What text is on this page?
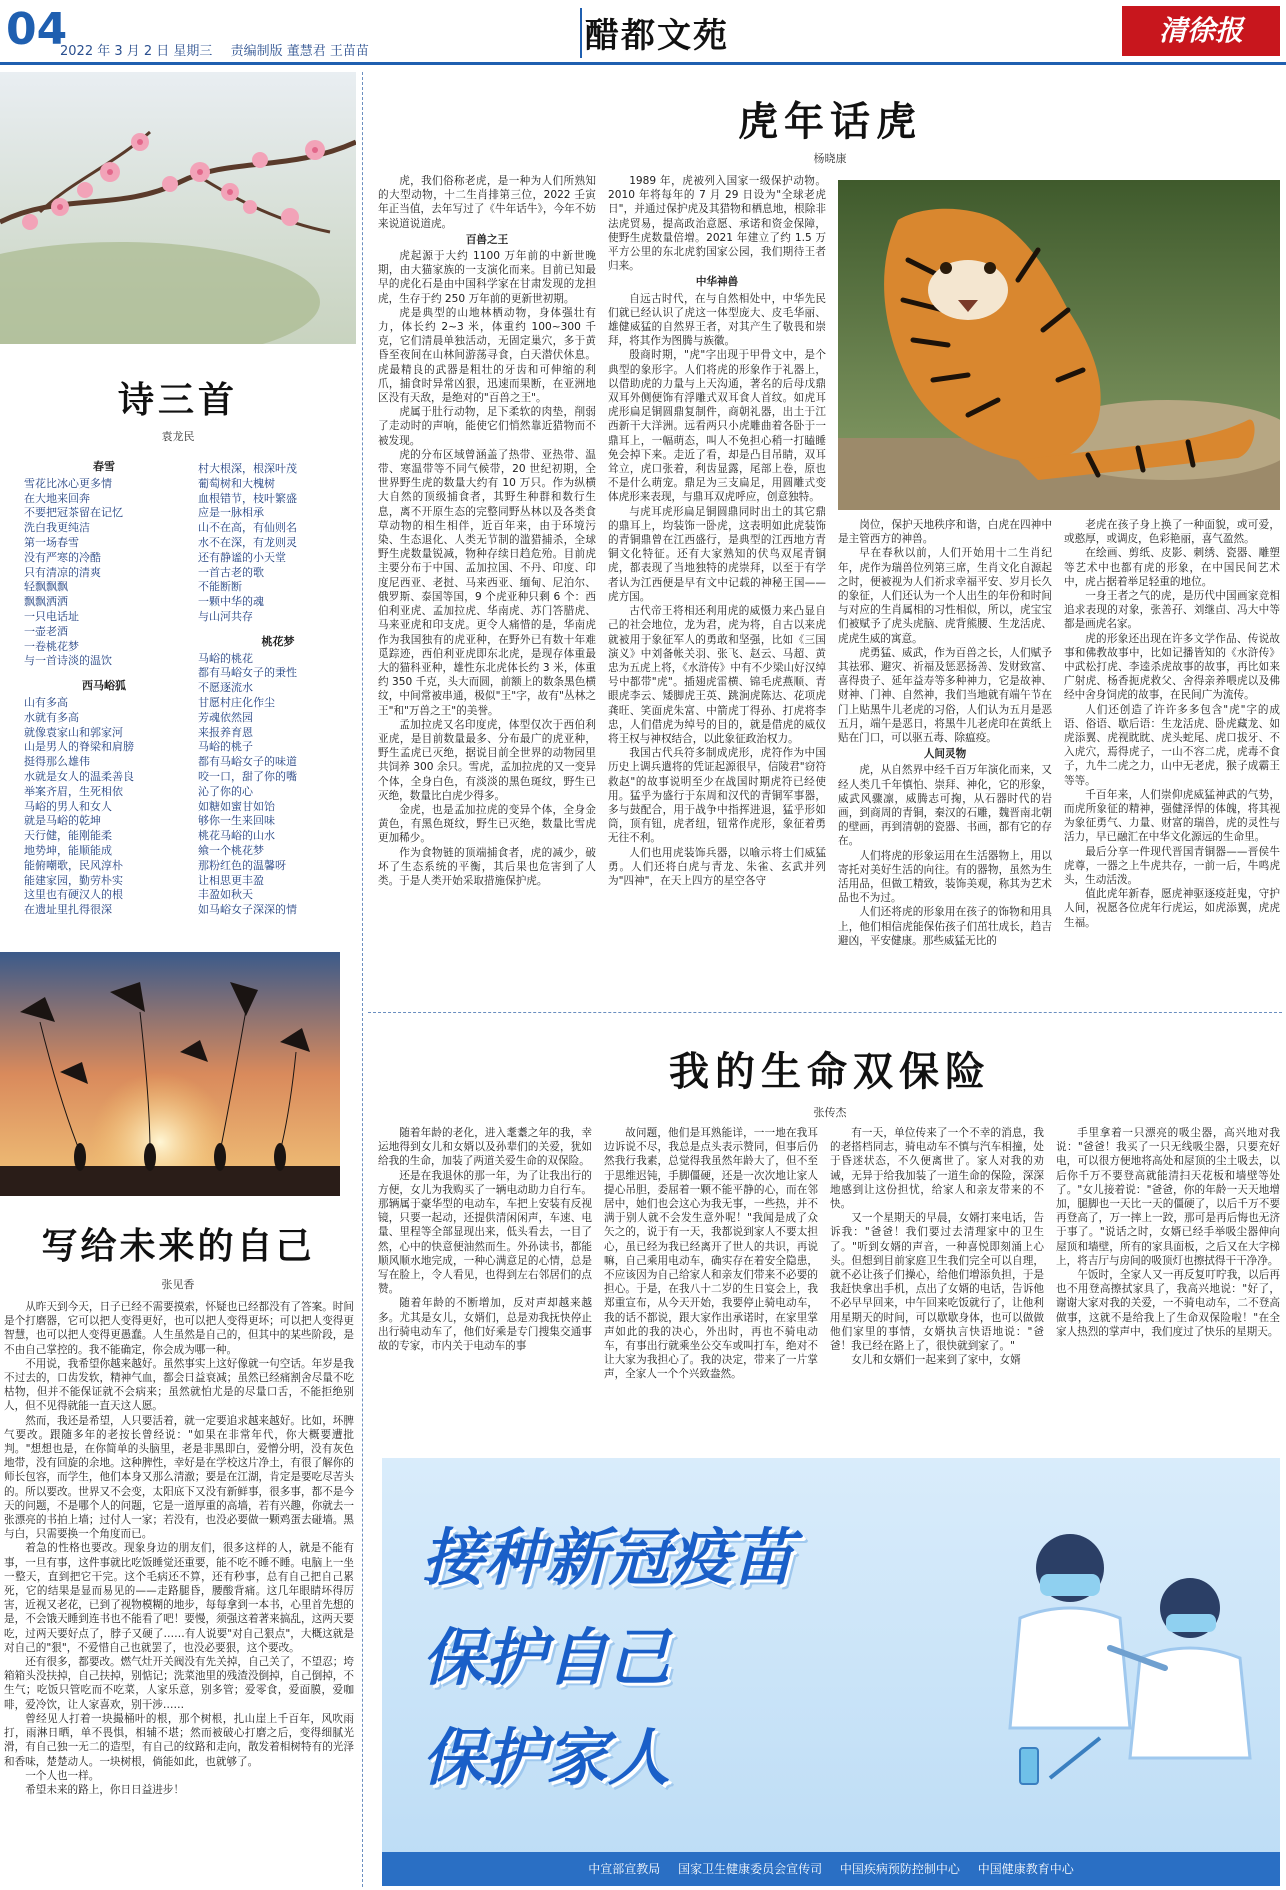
04
2022 年 3 月 2 日 星期三 责编制版 董慧君 王苗苗	醋都文苑	清徐报
诗三首
袁龙民
春雪
雪花比冰心更多情
在大地来回奔
不要把冠茶留在记忆
洗白我更纯洁
第一场春雪
没有严寒的冷酷
只有清凉的清爽
轻飘飘飘
飘飘洒洒
一只电话址
一壶老酒
一卷桃花梦
与一首诗淡的温饮
西马峪狐
山有多高
水就有多高
就像袁家山和郭家河
山是男人的脊梁和肩膀
挺得那么雄伟
水就是女人的温柔善良
举案齐眉，生死相依
马峪的男人和女人
就是马峪的乾坤
天行健，能刚能柔
地势坤，能顺能成
能俯嘲歌，民风淳朴
能建家园，勤劳朴实
这里也有硬汉人的根
在遗址里扎得很深
村大根深，根深叶茂
葡萄树和大槐树
血根错节，枝叶繁盛
应是一脉相承
山不在高，有仙则名
水不在深，有龙则灵
还有静谧的小天堂
一首古老的歌
不能断断
一颗中华的魂
与山河共存
桃花梦
马峪的桃花
都有马峪女子的秉性
不愿逐流水
甘愿村庄化作尘
芳魂依然园
来报养育恩
马峪的桃子
都有马峪女子的味道
咬一口，甜了你的嘴
沁了你的心
如糖如蜜甘如饴
够你一生来回味
桃花马峪的山水
飨一个桃花梦
那粉红色的温馨呀
让相思更丰盈
丰盈如秋天
如马峪女子深深的情
写给未来的自己
张见香

从昨天到今天，日子已经不需要摸索，怀疑也已经都没有了答案。时间是个打磨器，它可以把人变得更好，也可以把人变得更坏；可以把人变得更智慧，也可以把人变得更愚蠢。人生虽然是自己的，但其中的某些阶段，是不由自己掌控的。我不能确定，你会成为哪一种。

不用说，我希望你越来越好。虽然事实上这好像就一句空话。年岁是我不过去的，口齿发软，精神气血，都会日益衰减；虽然已经痛割舍尽量不吃枯物，但并不能保证就不会病来；虽然就怕尤是的尽量口舌，不能拒绝别人，但不见得就能一直天这人愿。

然而，我还是希望，人只要活着，就一定要追求越来越好。比如，坏脾气要改。跟随多年的老按长曾经说："如果在非常年代，你大概要遭批判。"想想也是，在你简单的头脑里，老是非黑即白，爱憎分明，没有灰色地带，没有回旋的余地。这种脾性，幸好是在学校这片净土，有很了解你的师长包容，而学生，他们本身又那么清澈；要是在江湖，肯定是要吃尽苦头的。所以要改。世界又不会变，太阳底下又没有新鲜事，很多事，都不是今天的问题，不是哪个人的问题，它是一道厚重的高墙，若有兴趣，你就去一张漂亮的书拍上墙；过付人一家；若没有，也没必要做一颗鸡蛋去碰墙。黑与白，只需要换一个角度而已。

着急的性格也要改。现象身边的朋友们，很多这样的人，就是不能有事，一旦有事，这件事就比吃饭睡觉还重要，能不吃不睡不睡。电脑上一坐一整天，直到把它干完。这个毛病还不算，还有秒事，总有自己把自己累死，它的结果是显而易见的——走路腿昏，腰酸背痛。这几年眼睛坏得厉害，近视又老花，已到了视物模糊的地步，每每拿到一本书，心里首先想的是，不会饿天睡到连书也不能看了吧！要慢，须强这着著来搞乱，这两天要吃，过两天要好点了，脖子又硬了……有人说要"对自己狠点"，大概这就是对自己的"狠"，不爱惜自己也就罢了，也没必要狠，这个要改。

还有很多，都要改。燃气灶开关阀没有先关掉，自己关了，不望忍；垮箱箱头没扶掉，自己扶掉，别惦记；洗菜池里的残渣没倒掉，自己倒掉，不生气；吃饭只管吃而不吃菜，人家乐意，别多管；爱零食，爱面膜，爱咖啡，爱冷饮，让人家喜欢，别干涉……

曾经见人打着一块撮桶叶的根，那个树根，扎山崖上千百年，风吹雨打，雨淋日晒，单不畏惧，相辅不堪；然而被破心打磨之后，变得细腻光滑，有自己独一无二的造型，有自己的纹路和走向，散发着相树特有的光泽和香味，楚楚动人。一块树根，倘能如此，也就够了。

一个人也一样。

希望未来的路上，你日日益进步！

虎年话虎
杨晓康

虎，我们俗称老虎，是一种为人们所熟知的大型动物，十二生肖排第三位，2022 壬寅年正当值，去年写过了《牛年话牛》，今年不妨来说道说道虎。

百兽之王

虎起源于大约 1100 万年前的中新世晚期，由大猫家族的一支演化而来。目前已知最早的虎化石是由中国科学家在甘肃发现的龙担虎，生存于约 250 万年前的更新世初期。

虎是典型的山地林栖动物，身体强壮有力，体长约 2~3 米，体重约 100~300 千克，它们清晨单独活动，无固定巢穴，多于黄昏至夜间在山林间游荡寻食，白天潜伏休息。虎最精良的武器是粗壮的牙齿和可伸缩的利爪，捕食时异常凶狠，迅速而果断，在亚洲地区没有天敌，是绝对的"百兽之王"。

虎属于肚行动物，足下柔软的肉垫，削弱了走动时的声响，能使它们悄然靠近猎物而不被发现。

虎的分布区域曾涵盖了热带、亚热带、温带、寒温带等不同气候带，20 世纪初期，全世界野生虎的数量大约有 10 万只。作为纵横大自然的顶级捕食者，其野生种群和数行生息，离不开原生态的完整同野丛林以及各类食草动物的相生相伴，近百年来，由于环境污染、生态退化、人类无节制的滥猎捕杀，全球野生虎数量锐减，物种存续日趋危殆。目前虎主要分布于中国、孟加拉国、不丹、印度、印度尼西亚、老挝、马来西亚、缅甸、尼泊尔、俄罗斯、泰国等国，9 个虎亚种只剩 6 个：西伯利亚虎、孟加拉虎、华南虎、苏门答腊虎、马来亚虎和印支虎。更令人痛惜的是，华南虎作为我国独有的虎亚种，在野外已有数十年难觅踪迹，西伯利亚虎即东北虎，是现存体重最大的猫科亚种，雄性东北虎体长约 3 米，体重约 350 千克，头大而圆，前额上的数条黑色横纹，中间常被串通，极似"王"字，故有"丛林之王"和"万兽之王"的美誉。

孟加拉虎又名印度虎，体型仅次于西伯利亚虎，是目前数量最多、分布最广的虎亚种，野生孟虎已灭绝，据说目前全世界的动物园里共饲养 300 余只。雪虎，孟加拉虎的又一变异个体，全身白色，有淡淡的黑色斑纹，野生已灭绝，数量比白虎少得多。

金虎，也是孟加拉虎的变异个体，全身金黄色，有黑色斑纹，野生已灭绝，数量比雪虎更加稀少。

作为食物链的顶端捕食者，虎的减少，破坏了生态系统的平衡，其后果也危害到了人类。于是人类开始采取措施保护虎。

1989 年，虎被列入国家一级保护动物。2010 年将每年的 7 月 29 日设为"全球老虎日"，并通过保护虎及其猎物和栖息地，根除非法虎贸易，提高政治意愿、承诺和资金保障，使野生虎数量倍增。2021 年建立了约 1.5 万平方公里的东北虎豹国家公园，我们期待王者归来。

中华神兽

自远古时代，在与自然相处中，中华先民们就已经认识了虎这一体型庞大、皮毛华丽、雄健威猛的自然界王者，对其产生了敬畏和崇拜，将其作为图腾与族徽。

殷商时期，"虎"字出现于甲骨文中，是个典型的象形字。人们将虎的形象作于礼器上，以借助虎的力量与上天沟通，著名的后母戊鼎双耳外侧便饰有浮雕式双耳食人首纹。如虎耳虎形扁足铜圆鼎复制件，商朝礼器，出土于江西新干大洋洲。远看两只小虎雕曲着各卧于一鼎耳上，一幅萌态，叫人不免担心稍一打瞌睡免会掉下来。走近了看，却是凸目吊睛，双耳耸立，虎口张着，利齿显露，尾部上卷，原也不是什么萌宠。鼎足为三支扁足，用圆雕式变体虎形来表现，与鼎耳双虎呼应，创意独特。

与虎耳虎形扁足铜圆鼎同时出土的其它鼎的鼎耳上，均装饰一卧虎，这表明如此虎装饰的青铜鼎曾在江西盛行，是典型的江西地方青铜文化特征。还有大家熟知的伏鸟双尾青铜虎，都表现了当地独特的虎崇拜，以至于有学者认为江西便是早有文中记载的神秘王国——虎方国。

古代帝王将相还利用虎的威慑力来凸显自己的社会地位，龙为君，虎为将，自古以来虎就被用于象征军人的勇敢和坚强，比如《三国演义》中刘备帐关羽、张飞、赵云、马超、黄忠为五虎上将，《水浒传》中有不少梁山好汉绰号中都带"虎"。插翅虎雷横、锦毛虎燕顺、青眼虎李云、矮脚虎王英、跳涧虎陈达、花项虎龚旺、笑面虎朱富、中箭虎丁得孙、打虎将李忠，人们借虎为绰号的目的，就是借虎的威仪将王权与神权结合，以此象征政治权力。

我国古代兵符多制成虎形，虎符作为中国历史上调兵遣将的凭证起源很早，信陵君"窃符救赵"的故事说明至少在战国时期虎符已经使用。猛乎为盛行于东周和汉代的青铜军事器，多与鼓配合，用于战争中指挥进退，猛乎形如筒，顶有钮，虎者纽，钮常作虎形，象征着勇无往不利。

人们也用虎装饰兵器，以喻示将士们威猛勇。人们还将白虎与青龙、朱雀、玄武并列为"四神"，在天上四方的星空各守

岗位，保护天地秩序和谐，白虎在四神中是主管西方的神兽。

早在春秋以前，人们开始用十二生肖纪年，虎作为瑞兽位列第三席，生肖文化自源起之时，便被视为人们祈求幸福平安、岁月长久的象征，人们还认为一个人出生的年份和时间与对应的生肖属相的习性相似，所以，虎宝宝们被赋予了虎头虎脑、虎背熊腰、生龙活虎、虎虎生威的寓意。

虎勇猛、威武，作为百兽之长，人们赋予其祛邪、避灾、祈福及惩恶扬善、发财致富、喜得贵子、延年益寿等多种神力，它是故神、财神、门神、自然神，我们当地就有端午节在门上贴黑牛儿老虎的习俗，人们认为五月是恶五月，端午是恶日，将黑牛儿老虎印在黄纸上贴在门口，可以驱五毒、除瘟疫。

人间灵物

虎，从自然界中经千百万年演化而来，又经人类几千年慎怕、崇拜、神化，它的形象，威武风骤凛，威腾志可掬，从石器时代的岩画，到商周的青铜，秦汉的石雕，魏晋南北朝的壁画，再到清朝的瓷器、书画，都有它的存在。

人们将虎的形象运用在生活器物上，用以寄托对美好生活的向往。有的器物，虽然为生活用品，但做工精致，装饰美观，称其为艺术品也不为过。

人们还将虎的形象用在孩子的饰物和用具上，他们相信虎能保佑孩子们茁壮成长，趋吉避凶，平安健康。那些威猛无比的

老虎在孩子身上换了一种面貌，或可爱，或憨厚，或调皮，色彩艳丽，喜气盈然。

在绘画、剪纸、皮影、刺绣、瓷器、雕塑等艺术中也都有虎的形象，在中国民间艺术中，虎占据着举足轻重的地位。

一身王者之气的虎，是历代中国画家竞相追求表现的对象，张善孖、刘继卣、冯大中等都是画虎名家。

虎的形象还出现在许多文学作品、传说故事和佛教故事中，比如记播皆知的《水浒传》中武松打虎、李逵杀虎故事的故事，再比如来广射虎、杨香扼虎救父、舍得亲养喂虎以及佛经中舍身饲虎的故事，在民间广为流传。

人们还创造了许许多多包含"虎"字的成语、俗语、歇后语：生龙活虎、卧虎藏龙、如虎添翼、虎视眈眈、虎头蛇尾、虎口拔牙、不入虎穴，焉得虎子，一山不容二虎，虎毒不食子，九牛二虎之力，山中无老虎，猴子成霸王等等。

千百年来，人们崇仰虎威猛神武的气势，而虎所象征的精神，强健泽悍的体魄，将其视为象征勇气、力量、财富的瑞兽，虎的灵性与活力，早已融汇在中华文化源远的生命里。

最后分享一件现代晋国青铜器——晋侯牛虎尊，一器之上牛虎共存，一前一后，牛鸣虎头，生动活泼。

值此虎年新春，愿虎神驱逐疫赶鬼，守护人间，祝愿各位虎年行虎运，如虎添翼，虎虎生福。

我的生命双保险
张传杰

随着年龄的老化，进入耄耋之年的我，幸运地得到女儿和女婿以及孙辈们的关爱，犹如给我的生命，加装了两道关爱生命的双保险。

还是在我退休的那一年，为了让我出行的方便，女儿为我购买了一辆电动助力自行车。那辆属于豪华型的电动车，车把上安装有反视镜，只要一起动，还提供清闲闲声，车速、电量、里程等全部显现出来，低头看去，一目了然，心中的快意便油然而生。外孙读书，都能顺风顺水地完成，一种心满意足的心情，总是写在脸上，令人看见，也得到左右邻居们的点赞。

随着年龄的不断增加，反对声却越来越多。尤其是女儿，女婿们，总是劝我抚快停止出行骑电动车了，他们好乘是专门搜集交通事故的专家，市内关于电动车的事

故问题，他们是耳熟能详，一一地在我耳边诉说不尽，我总是点头表示赞同，但事后仍然我行我素，总觉得我虽然年龄大了，但不至于思维迟钝，手脚僵硬，还是一次次地让家人提心吊胆，委屈着一颗不能平静的心，而在邻居中，她们也会这心为我无事，一些热，并不满于别人就不会发生意外呢！"我闻是成了众矢之的，说于有一天，我都说到家人不要太担心，虽已经为我已经离开了世人的共识，再说嘛，自己乘用电动车，确实存在着安全隐患，不应该因为自己给家人和亲友们带来不必要的担心。于是，在我八十二岁的生日宴会上，我郑重宣布，从今天开始，我要停止骑电动车，我的话不都说，跟大家作出承诺时，在家里掌声如此的我的决心，外出时，再也不骑电动车，有事出行就乘坐公交车或叫打车，绝对不让大家为我担心了。我的决定，带来了一片掌声，全家人一个个兴致盎然。

有一天，单位传来了一个不幸的消息，我的老搭档同志，骑电动车不慎与汽车相撞，处于昏迷状态，不久便离世了。家人对我的劝诫，无异于给我加装了一道生命的保险，深深地感到让这份担忧，给家人和亲友带来的不快。

又一个星期天的早晨，女婿打来电话，告诉我："爸爸！我们要过去清理家中的卫生了。"听到女婿的声音，一种喜悦即刻涌上心头。但想到目前家庭卫生我们完全可以自理，就不必让孩子们操心，给他们增添负担，于是我赶快拿出手机，点出了女婿的电话，告诉他不必早早回来，中午回来吃饭就行了，让他利用星期天的时间，可以歇歇身体，也可以做做他们家里的事情，女婿执言快语地说："爸爸！我已经在路上了，很快就到家了。"

女儿和女婿们一起来到了家中，女婿

手里拿着一只漂亮的吸尘器，高兴地对我说："爸爸！我买了一只无线吸尘器，只要充好电，可以很方便地将高处和屋顶的尘土吸去，以后你千万不要登高就能清扫天花板和墙壁等处了。"女儿接着说："爸爸，你的年龄一天天地增加，腿脚也一天比一天的僵硬了，以后千万不要再登高了，万一摔上一跤，那可是再后悔也无济于事了。"说话之时，女婿已经手举吸尘器伸向屋顶和墙壁，所有的家具面板，之后又在大字梯上，将吉厅与房间的吸顶灯也擦拭得干干净净。

午饭时，全家人又一再反复叮咛我，以后再也不用登高擦拭家具了，我高兴地说："好了，谢谢大家对我的关爱，一不骑电动车，二不登高做事，这就不是给我上了生命双保险啦！"在全家人热烈的掌声中，我们度过了快乐的星期天。

接种新冠疫苗
保护自己
保护家人
中宣部宣教局 国家卫生健康委员会宣传司 中国疾病预防控制中心 中国健康教育中心
